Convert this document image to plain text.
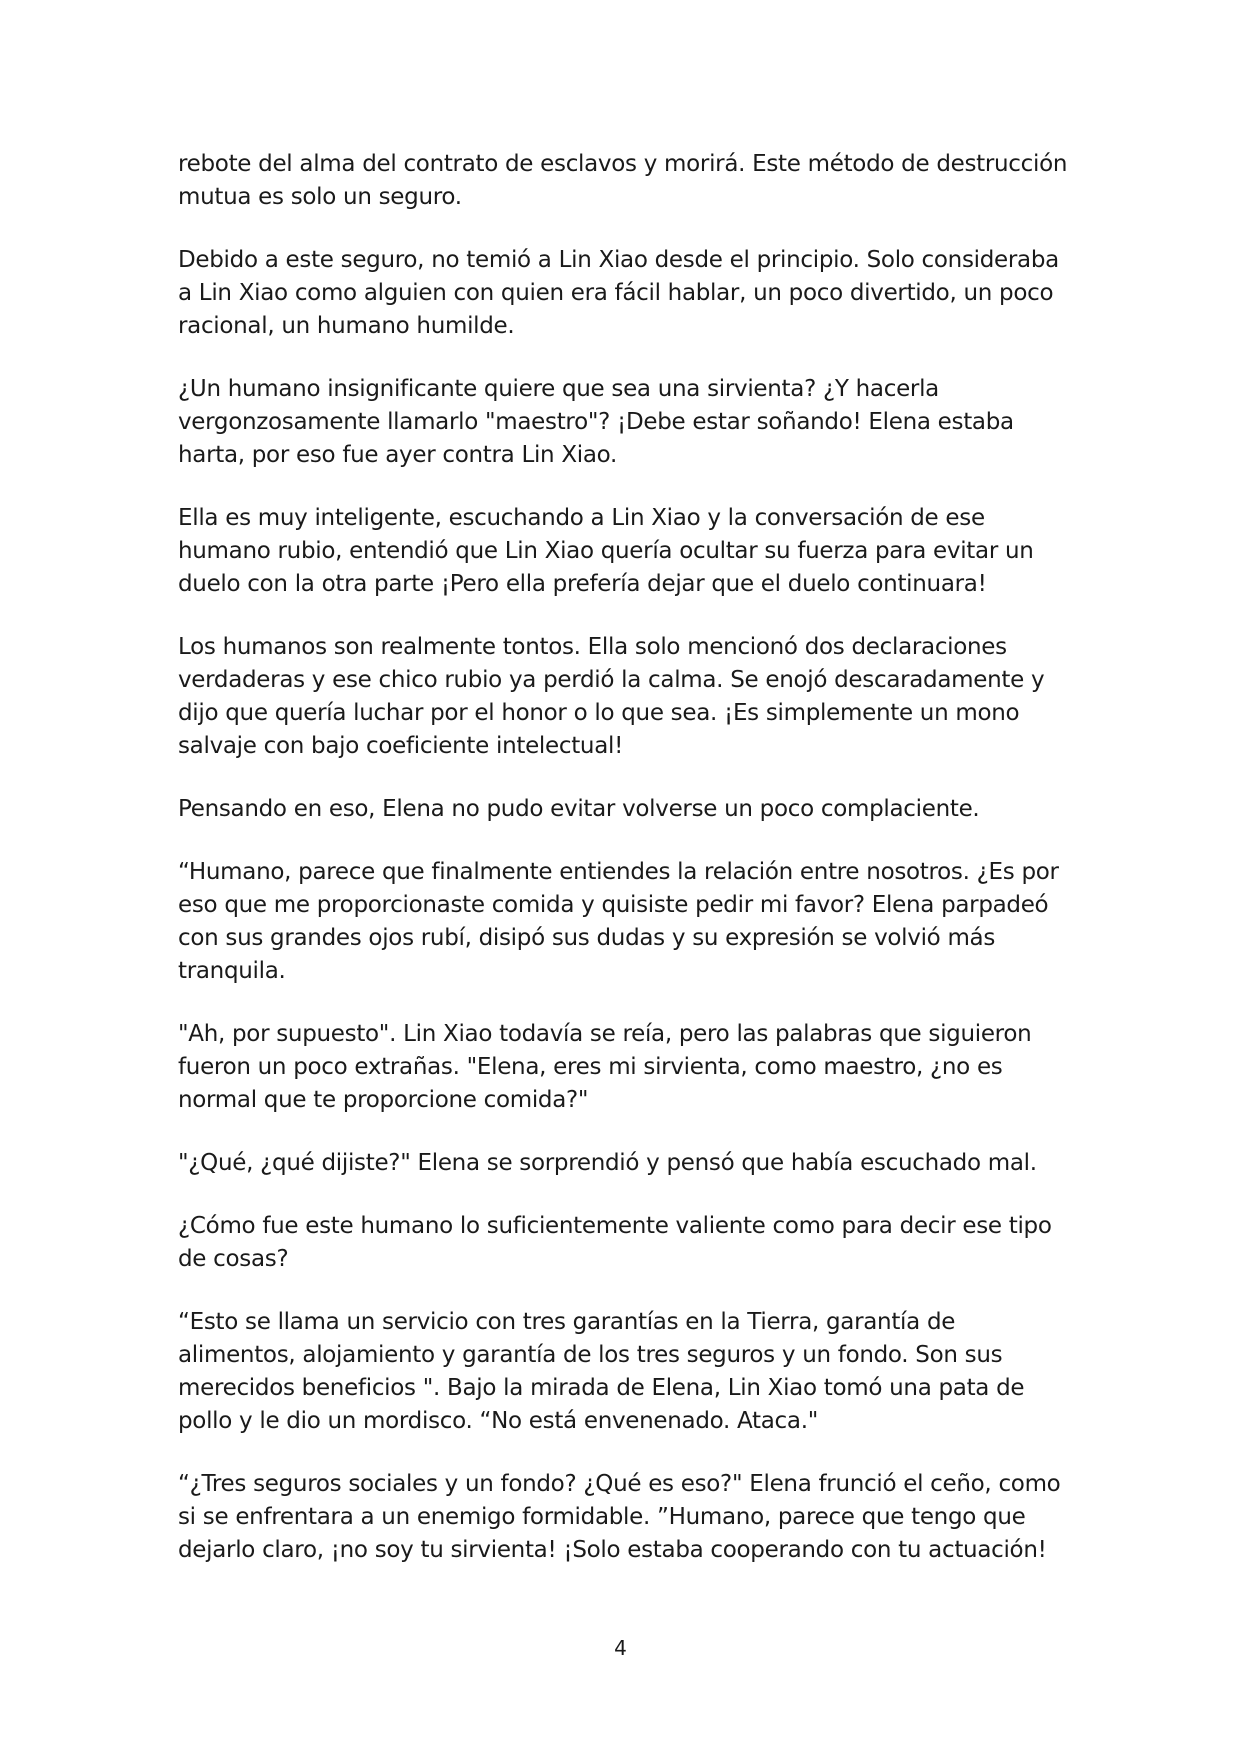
rebote del alma del contrato de esclavos y morirá. Este método de destrucción mutua es solo un seguro.

Debido a este seguro, no temió a Lin Xiao desde el principio. Solo consideraba a Lin Xiao como alguien con quien era fácil hablar, un poco divertido, un poco racional, un humano humilde.

¿Un humano insignificante quiere que sea una sirvienta? ¿Y hacerla vergonzosamente llamarlo "maestro"? ¡Debe estar soñando! Elena estaba harta, por eso fue ayer contra Lin Xiao.

Ella es muy inteligente, escuchando a Lin Xiao y la conversación de ese humano rubio, entendió que Lin Xiao quería ocultar su fuerza para evitar un duelo con la otra parte ¡Pero ella prefería dejar que el duelo continuara!

Los humanos son realmente tontos. Ella solo mencionó dos declaraciones verdaderas y ese chico rubio ya perdió la calma. Se enojó descaradamente y dijo que quería luchar por el honor o lo que sea. ¡Es simplemente un mono salvaje con bajo coeficiente intelectual!

Pensando en eso, Elena no pudo evitar volverse un poco complaciente.

“Humano, parece que finalmente entiendes la relación entre nosotros. ¿Es por eso que me proporcionaste comida y quisiste pedir mi favor? Elena parpadeó con sus grandes ojos rubí, disipó sus dudas y su expresión se volvió más tranquila.

"Ah, por supuesto". Lin Xiao todavía se reía, pero las palabras que siguieron fueron un poco extrañas. "Elena, eres mi sirvienta, como maestro, ¿no es normal que te proporcione comida?"

"¿Qué, ¿qué dijiste?" Elena se sorprendió y pensó que había escuchado mal.

¿Cómo fue este humano lo suficientemente valiente como para decir ese tipo de cosas?

“Esto se llama un servicio con tres garantías en la Tierra, garantía de alimentos, alojamiento y garantía de los tres seguros y un fondo. Son sus merecidos beneficios ". Bajo la mirada de Elena, Lin Xiao tomó una pata de pollo y le dio un mordisco. “No está envenenado. Ataca."

“¿Tres seguros sociales y un fondo? ¿Qué es eso?" Elena frunció el ceño, como si se enfrentara a un enemigo formidable. ”Humano, parece que tengo que dejarlo claro, ¡no soy tu sirvienta! ¡Solo estaba cooperando con tu actuación!

4
